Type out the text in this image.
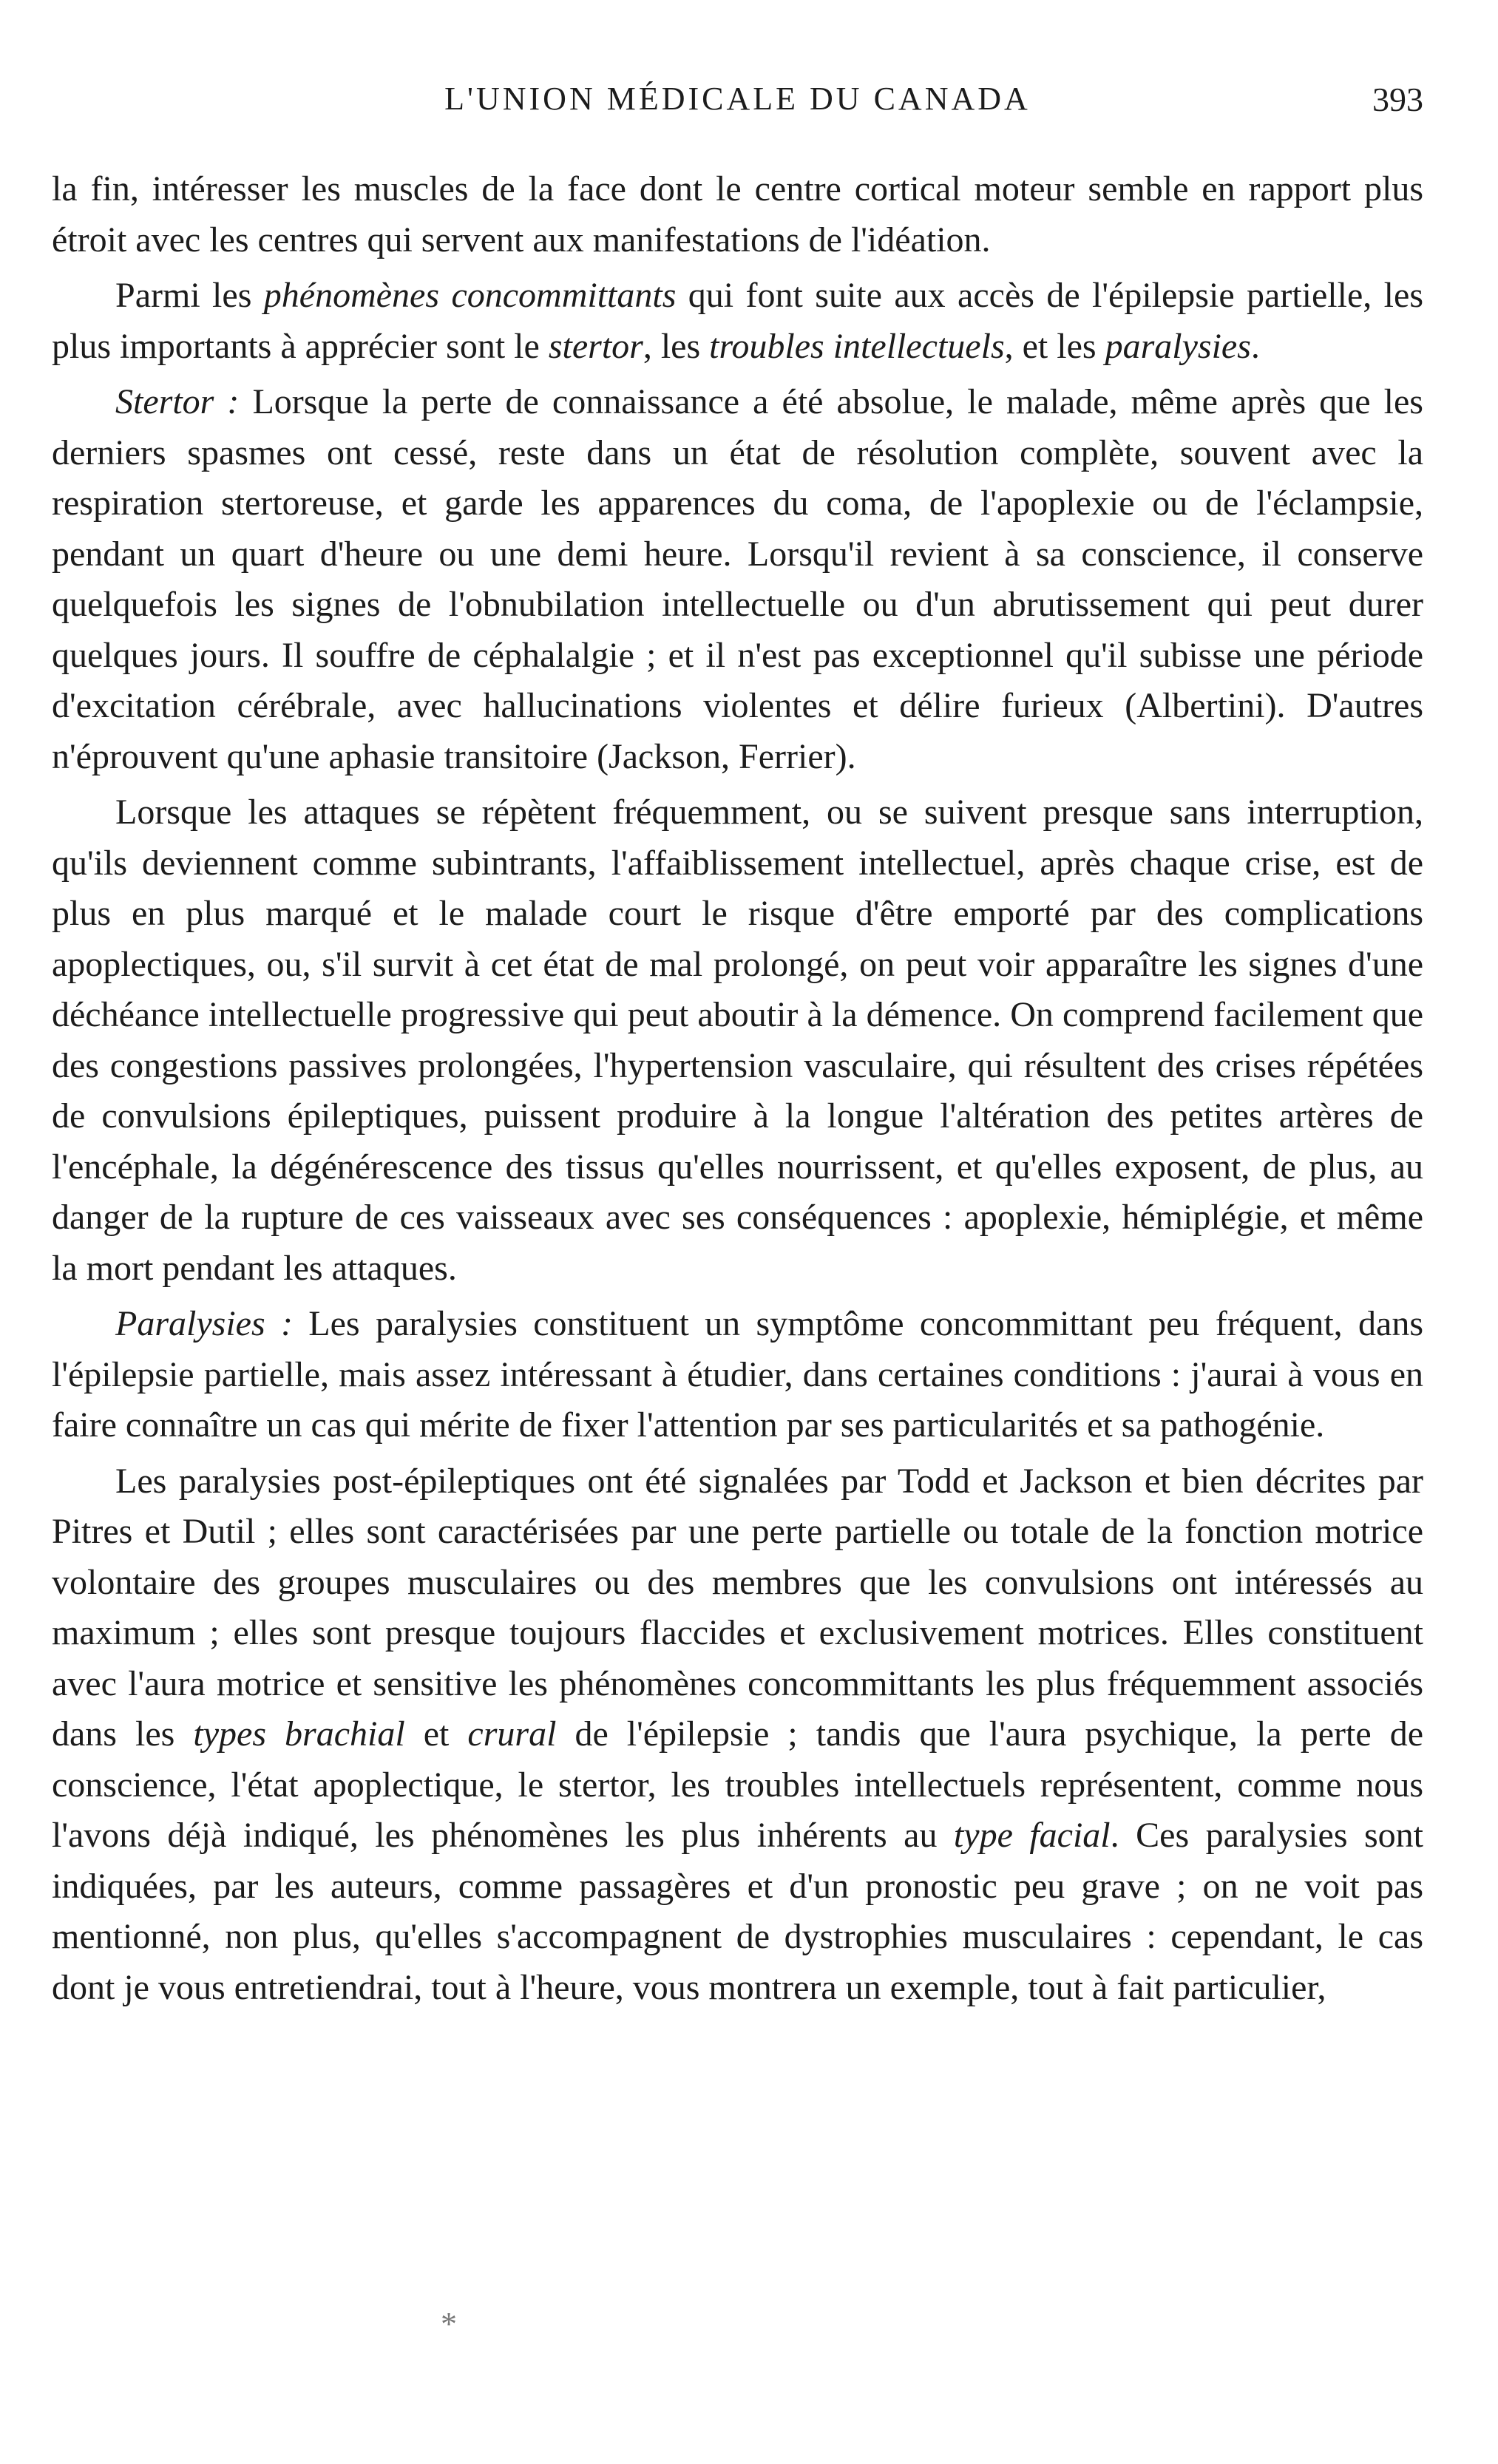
L'UNION MÉDICALE DU CANADA	393

la fin, intéresser les muscles de la face dont le centre cortical moteur semble en rapport plus étroit avec les centres qui servent aux manifestations de l'idéation.

Parmi les phénomènes concommittants qui font suite aux accès de l'épilepsie partielle, les plus importants à apprécier sont le stertor, les troubles intellectuels, et les paralysies.

Stertor : Lorsque la perte de connaissance a été absolue, le malade, même après que les derniers spasmes ont cessé, reste dans un état de résolution complète, souvent avec la respiration stertoreuse, et garde les apparences du coma, de l'apoplexie ou de l'éclampsie, pendant un quart d'heure ou une demi heure. Lorsqu'il revient à sa conscience, il conserve quelquefois les signes de l'obnubilation intellectuelle ou d'un abrutissement qui peut durer quelques jours. Il souffre de céphalalgie ; et il n'est pas exceptionnel qu'il subisse une période d'excitation cérébrale, avec hallucinations violentes et délire furieux (Albertini). D'autres n'éprouvent qu'une aphasie transitoire (Jackson, Ferrier).

Lorsque les attaques se répètent fréquemment, ou se suivent presque sans interruption, qu'ils deviennent comme subintrants, l'affaiblissement intellectuel, après chaque crise, est de plus en plus marqué et le malade court le risque d'être emporté par des complications apoplectiques, ou, s'il survit à cet état de mal prolongé, on peut voir apparaître les signes d'une déchéance intellectuelle progressive qui peut aboutir à la démence. On comprend facilement que des congestions passives prolongées, l'hypertension vasculaire, qui résultent des crises répétées de convulsions épileptiques, puissent produire à la longue l'altération des petites artères de l'encéphale, la dégénérescence des tissus qu'elles nourrissent, et qu'elles exposent, de plus, au danger de la rupture de ces vaisseaux avec ses conséquences : apoplexie, hémiplégie, et même la mort pendant les attaques.

Paralysies : Les paralysies constituent un symptôme concommittant peu fréquent, dans l'épilepsie partielle, mais assez intéressant à étudier, dans certaines conditions : j'aurai à vous en faire connaître un cas qui mérite de fixer l'attention par ses particularités et sa pathogénie.

Les paralysies post-épileptiques ont été signalées par Todd et Jackson et bien décrites par Pitres et Dutil ; elles sont caractérisées par une perte partielle ou totale de la fonction motrice volontaire des groupes musculaires ou des membres que les convulsions ont intéressés au maximum ; elles sont presque toujours flaccides et exclusivement motrices. Elles constituent avec l'aura motrice et sensitive les phénomènes concommittants les plus fréquemment associés dans les types brachial et crural de l'épilepsie ; tandis que l'aura psychique, la perte de conscience, l'état apoplectique, le stertor, les troubles intellectuels représentent, comme nous l'avons déjà indiqué, les phénomènes les plus inhérents au type facial. Ces paralysies sont indiquées, par les auteurs, comme passagères et d'un pronostic peu grave ; on ne voit pas mentionné, non plus, qu'elles s'accompagnent de dystrophies musculaires : cependant, le cas dont je vous entretiendrai, tout à l'heure, vous montrera un exemple, tout à fait particulier,

*
